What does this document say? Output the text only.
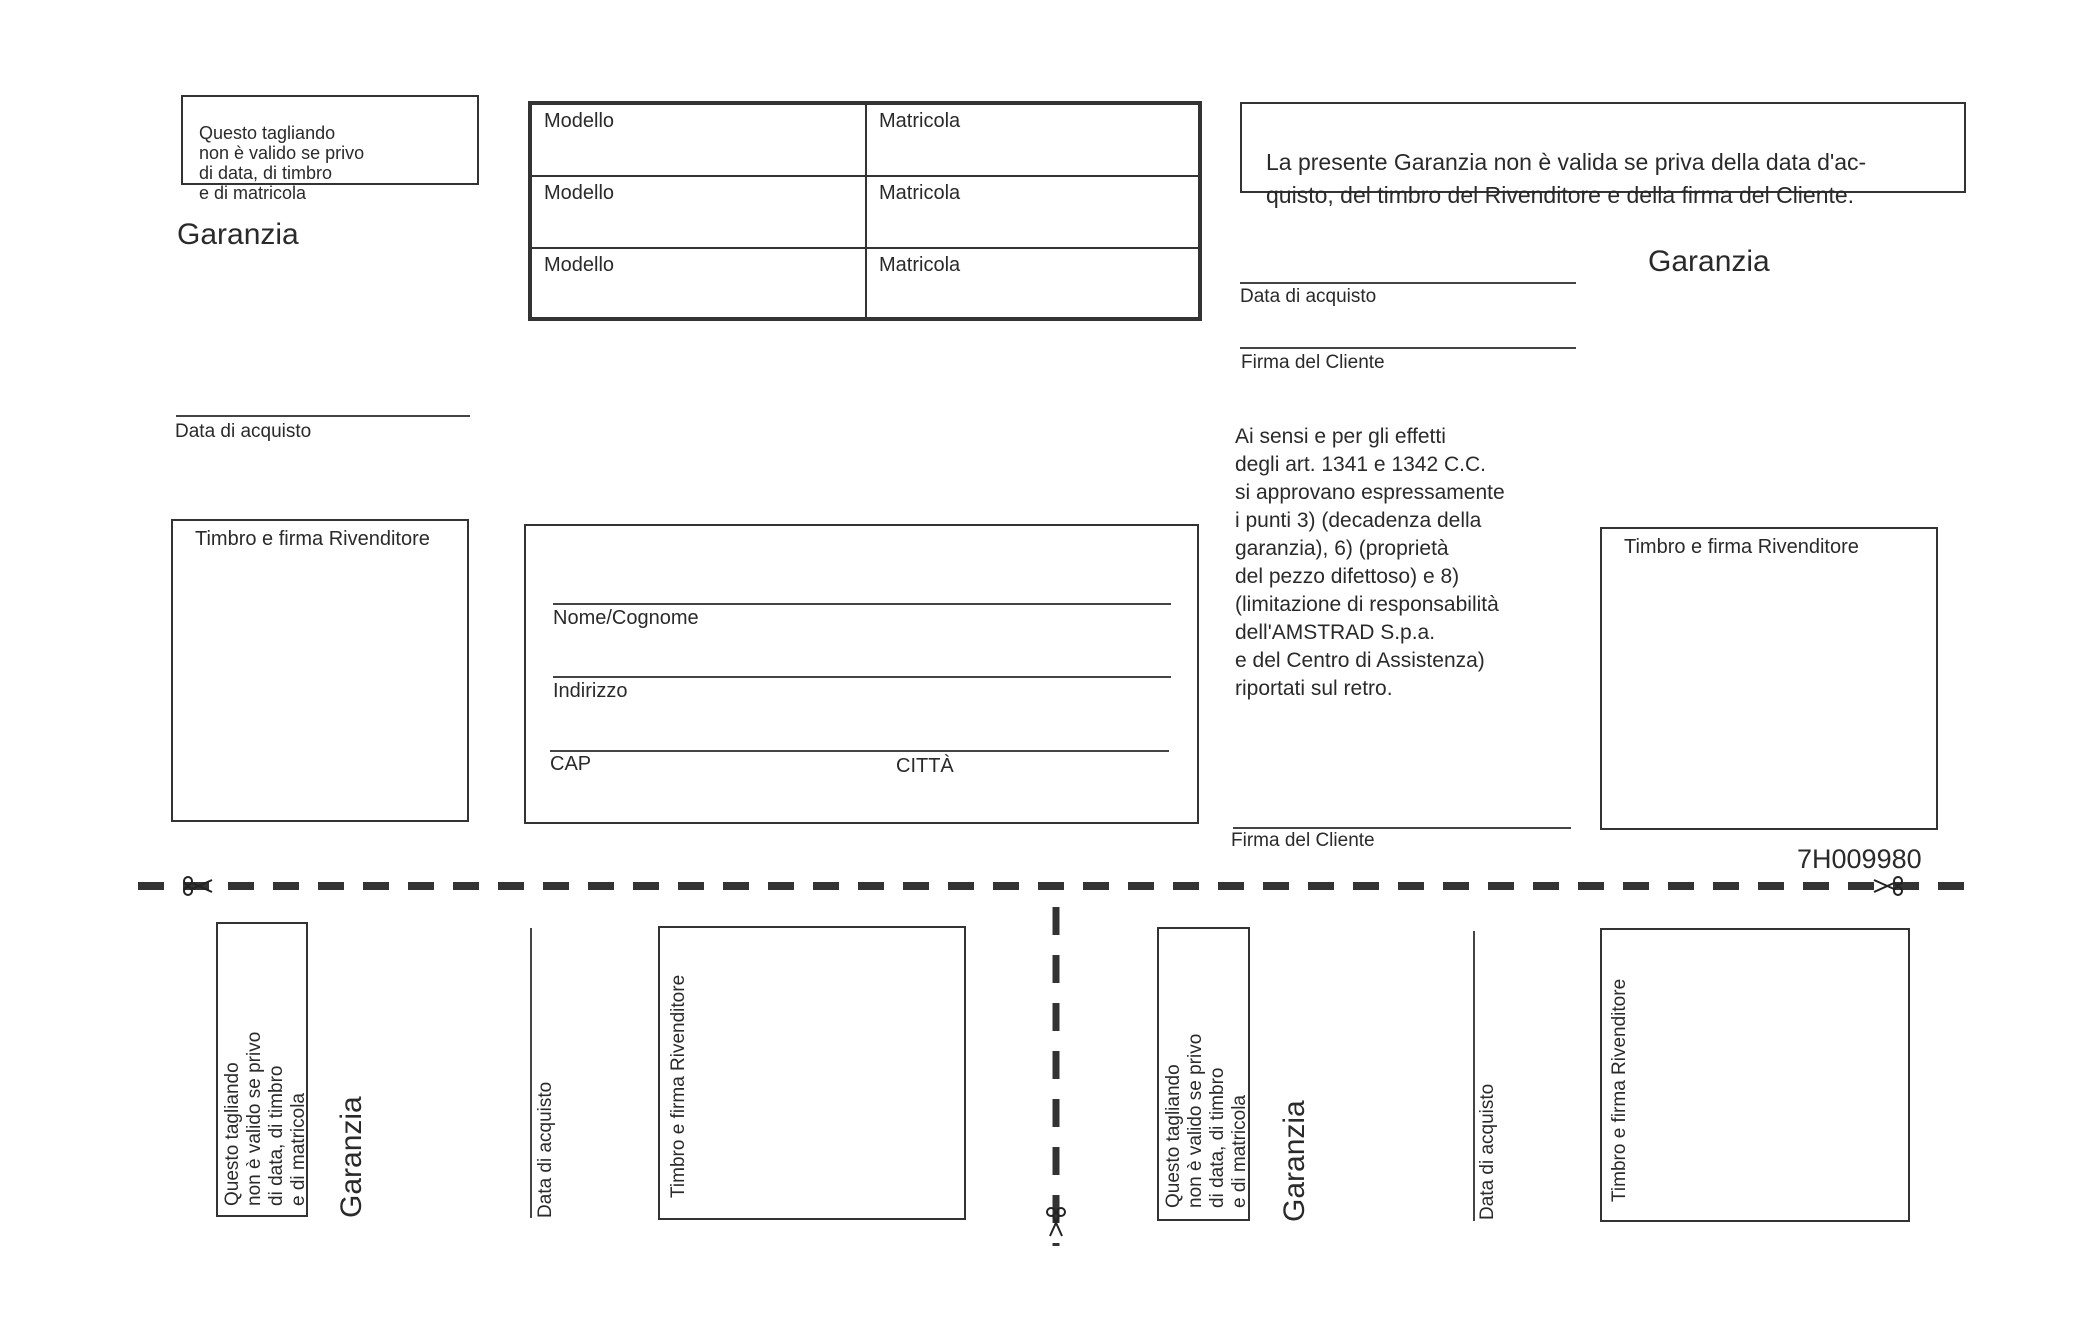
Questo tagliando
non è valido se privo
di data, di timbro
e di matricola

Garanzia
Data di acquisto
Timbro e firma Rivenditore
Modello	Matricola
Modello	Matricola
Modello	Matricola
Nome/Cognome
Indirizzo
CAP	CITTÀ

La presente Garanzia non è valida se priva della data d'ac-
quisto, del timbro del Rivenditore e della firma del Cliente.

Data di acquisto
Garanzia
Firma del Cliente
Ai sensi e per gli effetti
degli art. 1341 e 1342 C.C.
si approvano espressamente
i punti 3) (decadenza della
garanzia), 6) (proprietà
del pezzo difettoso) e 8)
(limitazione di responsabilità
dell'AMSTRAD S.p.a.
e del Centro di Assistenza)
riportati sul retro.
Timbro e firma Rivenditore
Firma del Cliente
7H009980
Questo tagliando
non è valido se privo
di data, di timbro
e di matricola Garanzia	Data di acquisto	Timbro e firma Rivenditore	Questo tagliando
non è valido se privo
di data, di timbro
e di matricola Garanzia	Data di acquisto	Timbro e firma Rivenditore
